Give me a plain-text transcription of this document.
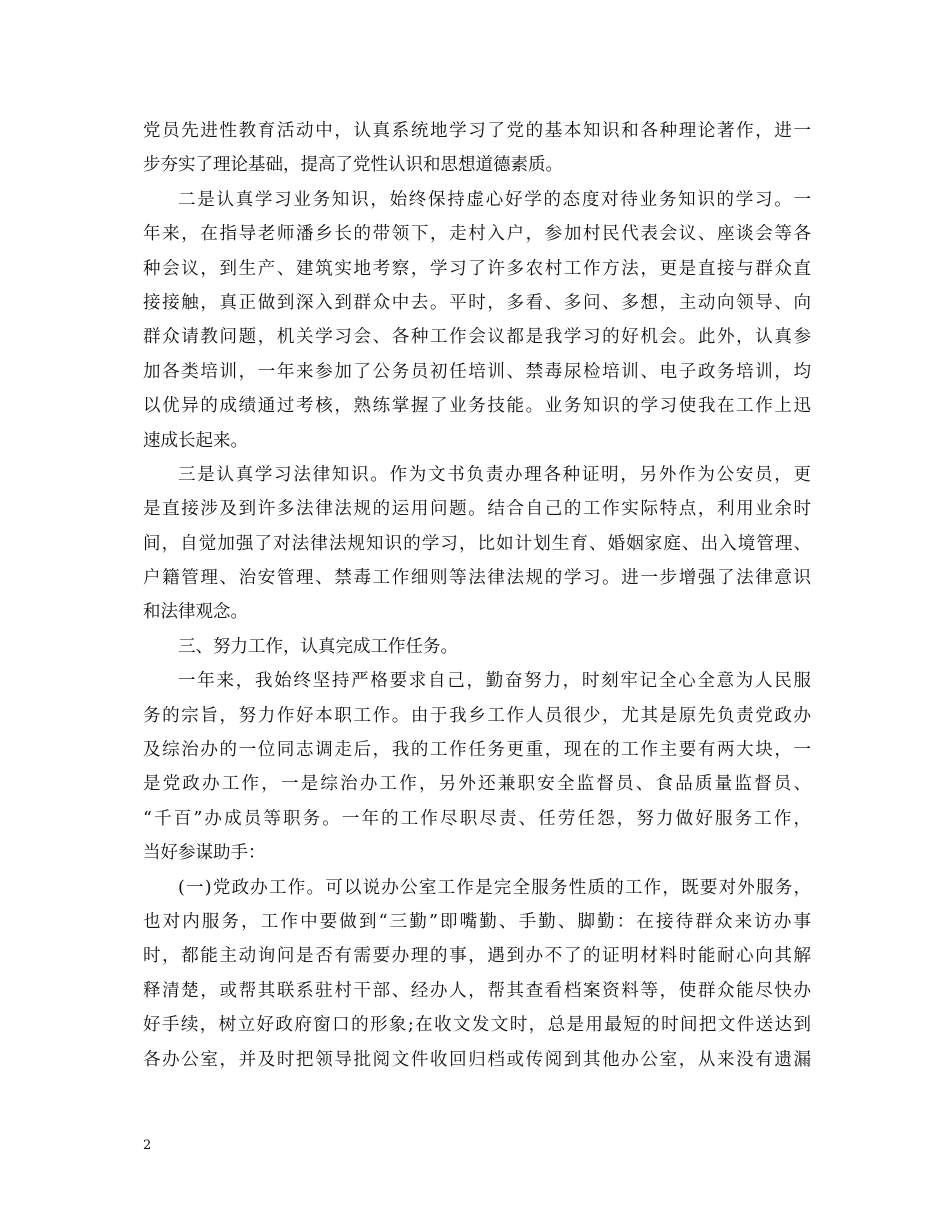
党员先进性教育活动中，认真系统地学习了党的基本知识和各种理论著作，进一
步夯实了理论基础，提高了党性认识和思想道德素质。
二是认真学习业务知识，始终保持虚心好学的态度对待业务知识的学习。一
年来，在指导老师潘乡长的带领下，走村入户，参加村民代表会议、座谈会等各
种会议，到生产、建筑实地考察，学习了许多农村工作方法，更是直接与群众直
接接触，真正做到深入到群众中去。平时，多看、多问、多想，主动向领导、向
群众请教问题，机关学习会、各种工作会议都是我学习的好机会。此外，认真参
加各类培训，一年来参加了公务员初任培训、禁毒尿检培训、电子政务培训，均
以优异的成绩通过考核，熟练掌握了业务技能。业务知识的学习使我在工作上迅
速成长起来。
三是认真学习法律知识。作为文书负责办理各种证明，另外作为公安员，更
是直接涉及到许多法律法规的运用问题。结合自己的工作实际特点，利用业余时
间，自觉加强了对法律法规知识的学习，比如计划生育、婚姻家庭、出入境管理、
户籍管理、治安管理、禁毒工作细则等法律法规的学习。进一步增强了法律意识
和法律观念。
三、努力工作，认真完成工作任务。
一年来，我始终坚持严格要求自己，勤奋努力，时刻牢记全心全意为人民服
务的宗旨，努力作好本职工作。由于我乡工作人员很少，尤其是原先负责党政办
及综治办的一位同志调走后，我的工作任务更重，现在的工作主要有两大块，一
是党政办工作，一是综治办工作，另外还兼职安全监督员、食品质量监督员、
“千百”办成员等职务。一年的工作尽职尽责、任劳任怨，努力做好服务工作，
当好参谋助手：
(一)党政办工作。可以说办公室工作是完全服务性质的工作，既要对外服务，
也对内服务，工作中要做到“三勤”即嘴勤、手勤、脚勤：在接待群众来访办事
时，都能主动询问是否有需要办理的事，遇到办不了的证明材料时能耐心向其解
释清楚，或帮其联系驻村干部、经办人，帮其查看档案资料等，使群众能尽快办
好手续，树立好政府窗口的形象;在收文发文时，总是用最短的时间把文件送达到
各办公室，并及时把领导批阅文件收回归档或传阅到其他办公室，从来没有遗漏
2
